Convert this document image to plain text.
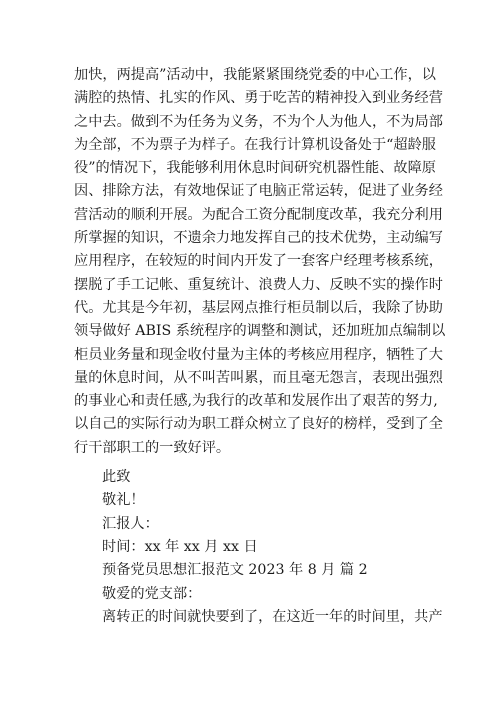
加快，两提高”活动中，我能紧紧围绕党委的中心工作，以
满腔的热情、扎实的作风、勇于吃苦的精神投入到业务经营
之中去。做到不为任务为义务，不为个人为他人，不为局部
为全部，不为票子为样子。在我行计算机设备处于“超龄服
役”的情况下，我能够利用休息时间研究机器性能、故障原
因、排除方法，有效地保证了电脑正常运转，促进了业务经
营活动的顺利开展。为配合工资分配制度改革，我充分利用
所掌握的知识，不遗余力地发挥自己的技术优势，主动编写
应用程序，在较短的时间内开发了一套客户经理考核系统，
摆脱了手工记帐、重复统计、浪费人力、反映不实的操作时
代。尤其是今年初，基层网点推行柜员制以后，我除了协助
领导做好 ABIS 系统程序的调整和测试，还加班加点编制以
柜员业务量和现金收付量为主体的考核应用程序，牺牲了大
量的休息时间，从不叫苦叫累，而且毫无怨言，表现出强烈
的事业心和责任感,为我行的改革和发展作出了艰苦的努力,
以自己的实际行动为职工群众树立了良好的榜样，受到了全
行干部职工的一致好评。
此致
敬礼！
汇报人：
时间：xx 年 xx 月 xx 日
预备党员思想汇报范文 2023 年 8 月 篇 2
敬爱的党支部：
离转正的时间就快要到了，在这近一年的时间里，共产
